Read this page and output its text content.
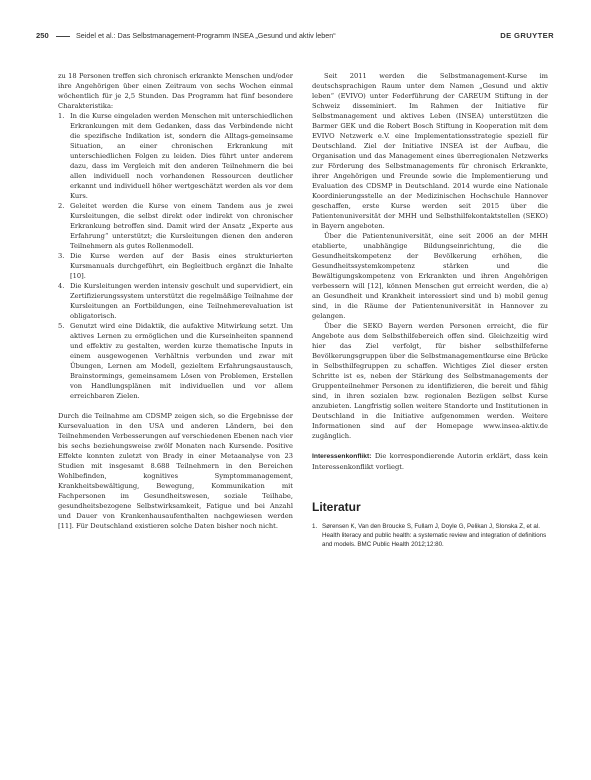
250	Seidel et al.: Das Selbstmanagement-Programm INSEA „Gesund und aktiv leben“	DE GRUYTER

zu 18 Personen treffen sich chronisch erkrankte Menschen und/oder ihre Angehörigen über einen Zeitraum von sechs Wochen einmal wöchentlich für je 2,5 Stunden. Das Programm hat fünf besondere Charakteristika:

1. In die Kurse eingeladen werden Menschen mit unterschiedlichen Erkrankungen mit dem Gedanken, dass das Verbindende nicht die spezifische Indikation ist, sondern die Alltags-gemeinsame Situation, an einer chronischen Erkrankung mit unterschiedlichen Folgen zu leiden. Dies führt unter anderem dazu, dass im Vergleich mit den anderen Teilnehmern die bei allen individuell noch vorhandenen Ressourcen deutlicher erkannt und individuell höher wertgeschätzt werden als vor dem Kurs.
2. Geleitet werden die Kurse von einem Tandem aus je zwei Kursleitungen, die selbst direkt oder indirekt von chronischer Erkrankung betroffen sind. Damit wird der Ansatz „Experte aus Erfahrung“ unterstützt; die Kursleitungen dienen den anderen Teilnehmern als gutes Rollenmodell.
3. Die Kurse werden auf der Basis eines strukturierten Kursmanuals durchgeführt, ein Begleitbuch ergänzt die Inhalte [10].
4. Die Kursleitungen werden intensiv geschult und supervidiert, ein Zertifizierungssystem unterstützt die regelmäßige Teilnahme der Kursleitungen an Fortbildungen, eine Teilnehmerevaluation ist obligatorisch.
5. Genutzt wird eine Didaktik, die aufaktive Mitwirkung setzt. Um aktives Lernen zu ermöglichen und die Kurseinheiten spannend und effektiv zu gestalten, werden kurze thematische Inputs in einem ausgewogenen Verhältnis verbunden und zwar mit Übungen, Lernen am Modell, gezieltem Erfahrungsaustausch, Brainstormings, gemeinsamem Lösen von Problemen, Erstellen von Handlungsplänen mit individuellen und vor allem erreichbaren Zielen.

Durch die Teilnahme am CDSMP zeigen sich, so die Ergebnisse der Kursevaluation in den USA und anderen Ländern, bei den Teilnehmenden Verbesserungen auf verschiedenen Ebenen nach vier bis sechs beziehungsweise zwölf Monaten nach Kursende. Positive Effekte konnten zuletzt von Brady in einer Metaanalyse von 23 Studien mit insgesamt 8.688 Teilnehmern in den Bereichen Wohlbefinden, kognitives Symptommanagement, Krankheitsbewältigung, Bewegung, Kommunikation mit Fachpersonen im Gesundheitswesen, soziale Teilhabe, gesundheitsbezogene Selbstwirksamkeit, Fatigue und bei Anzahl und Dauer von Krankenhausaufenthalten nachgewiesen werden [11]. Für Deutschland existieren solche Daten bisher noch nicht.

Seit 2011 werden die Selbstmanagement-Kurse im deutschsprachigen Raum unter dem Namen „Gesund und aktiv leben“ (EVIVO) unter Federführung der CAREUM Stiftung in der Schweiz disseminiert. Im Rahmen der Initiative für Selbstmanagement und aktives Leben (INSEA) unterstützen die Barmer GEK und die Robert Bosch Stiftung in Kooperation mit dem EVIVO Netzwerk e.V. eine Implementationsstrategie speziell für Deutschland. Ziel der Initiative INSEA ist der Aufbau, die Organisation und das Management eines überregionalen Netzwerks zur Förderung des Selbstmanagements für chronisch Erkrankte, ihrer Angehörigen und Freunde sowie die Implementierung und Evaluation des CDSMP in Deutschland. 2014 wurde eine Nationale Koordinierungsstelle an der Medizinischen Hochschule Hannover geschaffen, erste Kurse werden seit 2015 über die Patientenuniversität der MHH und Selbsthilfekontaktstellen (SEKO) in Bayern angeboten.

Über die Patientenuniversität, eine seit 2006 an der MHH etablierte, unabhängige Bildungseinrichtung, die die Gesundheitskompetenz der Bevölkerung erhöhen, die Gesundheitssystemkompetenz stärken und die Bewältigungskompetenz von Erkrankten und ihren Angehörigen verbessern will [12], können Menschen gut erreicht werden, die a) an Gesundheit und Krankheit interessiert sind und b) mobil genug sind, in die Räume der Patientenuniversität in Hannover zu gelangen.

Über die SEKO Bayern werden Personen erreicht, die für Angebote aus dem Selbsthilfebereich offen sind. Gleichzeitig wird hier das Ziel verfolgt, für bisher selbsthilfeferne Bevölkerungsgruppen über die Selbstmanagementkurse eine Brücke in Selbsthilfegruppen zu schaffen. Wichtiges Ziel dieser ersten Schritte ist es, neben der Stärkung des Selbstmanagements der Gruppenteilnehmer Personen zu identifizieren, die bereit und fähig sind, in ihren sozialen bzw. regionalen Bezügen selbst Kurse anzubieten. Langfristig sollen weitere Standorte und Institutionen in Deutschland in die Initiative aufgenommen werden. Weitere Informationen sind auf der Homepage www.insea-aktiv.de zugänglich.

Interessenkonflikt: Die korrespondierende Autorin erklärt, dass kein Interessenkonflikt vorliegt.

Literatur
1. Sørensen K, Van den Broucke S, Fullam J, Doyle G, Pelikan J, Slonska Z, et al. Health literacy and public health: a systematic review and integration of definitions and models. BMC Public Health 2012;12:80.
